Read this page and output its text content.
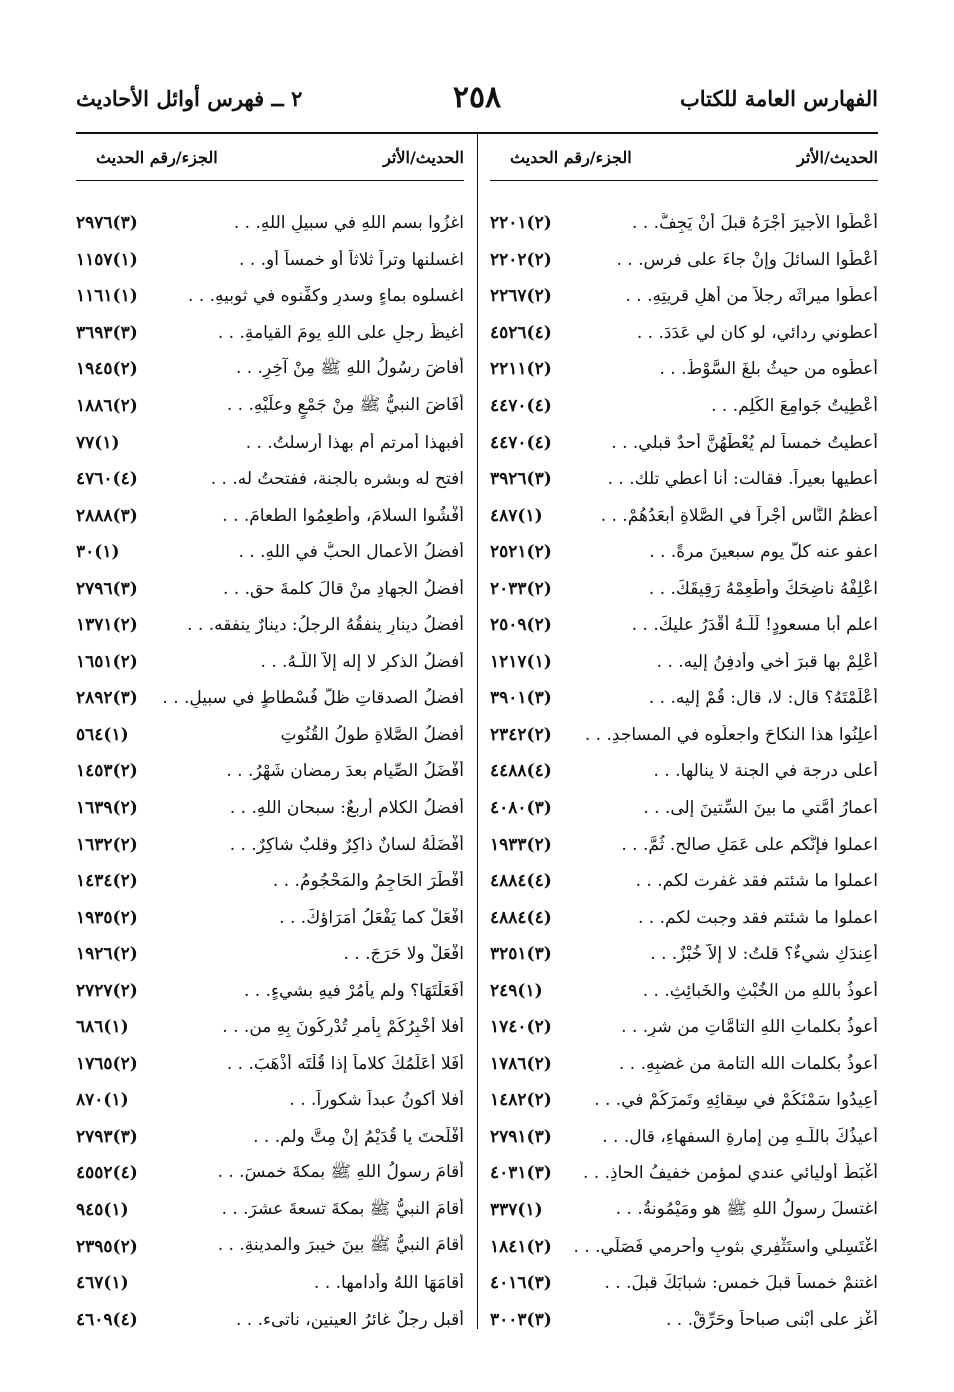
الفهارس العامة للكتاب
٢٥٨
٢ ــ فهرس أوائل الأحاديث
الحديث/الأثر
الجزء/رقم الحديث
أعْطُوا الأجيرَ أجْرَهُ قبلَ أنْ يَجِفَّ. . .
(٢)٢٢٠١
أعْطُوا السائلَ وإنْ جاءَ على فرسٍ. . .
(٢)٢٢٠٢
أعطُوا ميراثَه رجلاً من أهلِ قريتِهِ. . .
(٢)٢٢٦٧
أعطوني ردائي، لو كان لي عَدَدَ. . .
(٤)٤٥٢٦
أعطُوه من حيثُ بلغَ السَّوْطُ. . .
(٢)٢٢١١
أُعْطِيتُ جَوامِعَ الكَلِمِ. . .
(٤)٤٤٧٠
أُعطيتُ خمساً لم يُعْطَهُنَّ أحدٌ قبلي. . .
(٤)٤٤٧٠
أعطيها بعيراً. فقالت: أنا أُعطي تلك. . .
(٣)٣٩٢٦
أعظمُ النَّاسِ أجْراً في الصَّلاةِ أبعَدُهُمْ. . .
(١)٤٨٧
اعفو عنه كلَّ يومٍ سبعينَ مرةً. . .
(٢)٢٥٢١
اعْلِفْهُ ناضِحَكَ وأطْعِمْهُ رَقِيقَكَ. . .
(٢)٢٠٣٣
اعلم أبا مسعودٍ! لَلَّـهُ أَقْدَرُ عليكَ. . .
(٢)٢٥٠٩
أَعْلِمْ بها قبرَ أخي وأدفِنُ إليه. . .
(١)١٢١٧
أَعْلَمْتَهُ؟ قال: لا، قال: قُمْ إليه. . .
(٣)٣٩٠١
أعلِنُوا هذا النكاحَ واجعلُوه في المساجدِ. . .
(٢)٢٣٤٢
أعلى درجة في الجنة لا ينالها. . .
(٤)٤٤٨٨
أعمارُ أُمَّتي ما بينَ السِّتينَ إلى. . .
(٣)٤٠٨٠
اعملوا فإنَّكم على عَمَلٍ صالحٍ. ثُمَّ. . .
(٢)١٩٣٣
اعملوا ما شئتم فقد غفرت لكم. . .
(٤)٤٨٨٤
اعملوا ما شئتم فقد وجبت لكم. . .
(٤)٤٨٨٤
أعِندَكِ شيءٌ؟ قلتُ: لا إلاَّ خُبْزٌ. . .
(٣)٣٢٥١
أعوذُ باللهِ من الخُبْثِ والخَبائِثِ. . .
(١)٢٤٩
أعوذُ بكلماتِ اللهِ التامَّاتِ من شرٍ. . .
(٢)١٧٤٠
أعوذُ بكلمات الله التامة من غضبِهِ. . .
(٢)١٧٨٦
أعِيدُوا سَمْنَكُمْ في سِقائِهِ وتَمرَكُمْ في. . .
(٢)١٤٨٢
أُعيذُكَ باللّـهِ مِن إمارةِ السفهاءِ، قال. . .
(٣)٢٧٩١
أَغْبَطُ أوليائي عندي لمؤمنٍ خفيفُ الحاذِ. . .
(٣)٤٠٣١
اغتسلَ رسولُ اللهِ ﷺ هو ومَيْمُونةُ. . .
(١)٣٣٧
اغْتَسِلي واستَثْفِري بثوبٍ وأحرمي فَصَلِّي. . .
(٢)١٨٤١
اغتنمْ خمساً قبلَ خمسٍ: شبابَكَ قبلَ. . .
(٣)٤٠١٦
أغْزِ على أُبْنى صباحاً وحَرِّقْ. . .
(٣)٣٠٠٣
الحديث/الأثر
الجزء/رقم الحديث
اغزُوا بسمِ اللهِ في سبيلِ اللهِ. . .
(٣)٢٩٧٦
اغسلنها وتراً ثلاثاً أو خمساً أو. . .
(١)١١٥٧
اغسلوه بماءٍ وسدرٍ وكفِّنوه في ثوبيهِ. . .
(١)١١٦١
أغيظُ رجلٍ على اللهِ يومَ القيامةِ. . .
(٣)٣٦٩٣
أفاضَ رسُولُ اللهِ ﷺ مِنْ آخِرِ. . .
(٢)١٩٤٥
أفَاضَ النبيُّ ﷺ مِنْ جَمْعٍ وعلَيْهِ. . .
(٢)١٨٨٦
أفبهذا أُمرتم أم بهذا أُرسلتُ. . .
(١)٧٧
افتح له وبشره بالجنة، ففتحتُ له. . .
(٤)٤٧٦٠
أفْشُوا السلامَ، وأطعِمُوا الطعامَ. . .
(٣)٢٨٨٨
أفضلُ الأعمال الحبُّ في اللهِ. . .
(١)٣٠
أفضلُ الجهادِ منْ قالَ كلمةَ حقٍ. . .
(٣)٢٧٩٦
أفضلُ دينارٍ ينفقُهُ الرجلُ: دينارٌ ينفقه. . .
(٢)١٣٧١
أفضلُ الذكرِ لا إله إلاّ اللّـهُ. . .
(٢)١٦٥١
أفضلُ الصدقاتِ ظلُّ فُسْطاطٍ في سبيلِ. . .
(٣)٢٨٩٢
أفضلُ الصَّلاةِ طولُ القُنُوتِ
(١)٥٦٤
أَفْضَلُ الصِّيامِ بعدَ رمضان شَهْرُ. . .
(٢)١٤٥٣
أفضلُ الكلامِ أربعٌ: سبحان اللهِ. . .
(٢)١٦٣٩
أفْضَلُهُ لسانٌ ذاكِرٌ وقلبٌ شاكِرٌ. . .
(٢)١٦٣٢
أَفْطَرَ الحَاجِمُ والمَحْجُومُ. . .
(٢)١٤٣٤
افْعَلْ كما يَفْعَلُ أُمَرَاؤكَ. . .
(٢)١٩٣٥
افْعَلْ ولا حَرَجَ. . .
(٢)١٩٢٦
أفَعَلْتَهَا؟ ولم يأمُرْ فيهِ بشيءٍ. . .
(٢)٢٧٢٧
أفلا أُخْبِرُكُمْ بِأَمرٍ تُدْرِكُونَ بِهِ من. . .
(١)٦٨٦
أَفَلا أُعَلِّمُكَ كلاماً إذا قُلْتَه أَذْهَبَ. . .
(٢)١٧٦٥
أفلا أكونُ عبداً شكوراً. . .
(١)٨٧٠
أَفْلَحتَ يا قُدَيْمُ إنْ مِتَّ ولم. . .
(٣)٢٧٩٣
أقامَ رسولُ اللهِ ﷺ بمكةَ خمسَ. . .
(٤)٤٥٥٢
أقامَ النبيُّ ﷺ بمكةَ تسعةَ عشرَ. . .
(١)٩٤٥
أقامَ النبيُّ ﷺ بينَ خيبرَ والمدينةِ. . .
(٢)٢٣٩٥
أقامَهَا اللهُ وأدامها. . .
(١)٤٦٧
أقبل رجلٌ غائرُ العينين، ناتىء. . .
(٤)٤٦٠٩
